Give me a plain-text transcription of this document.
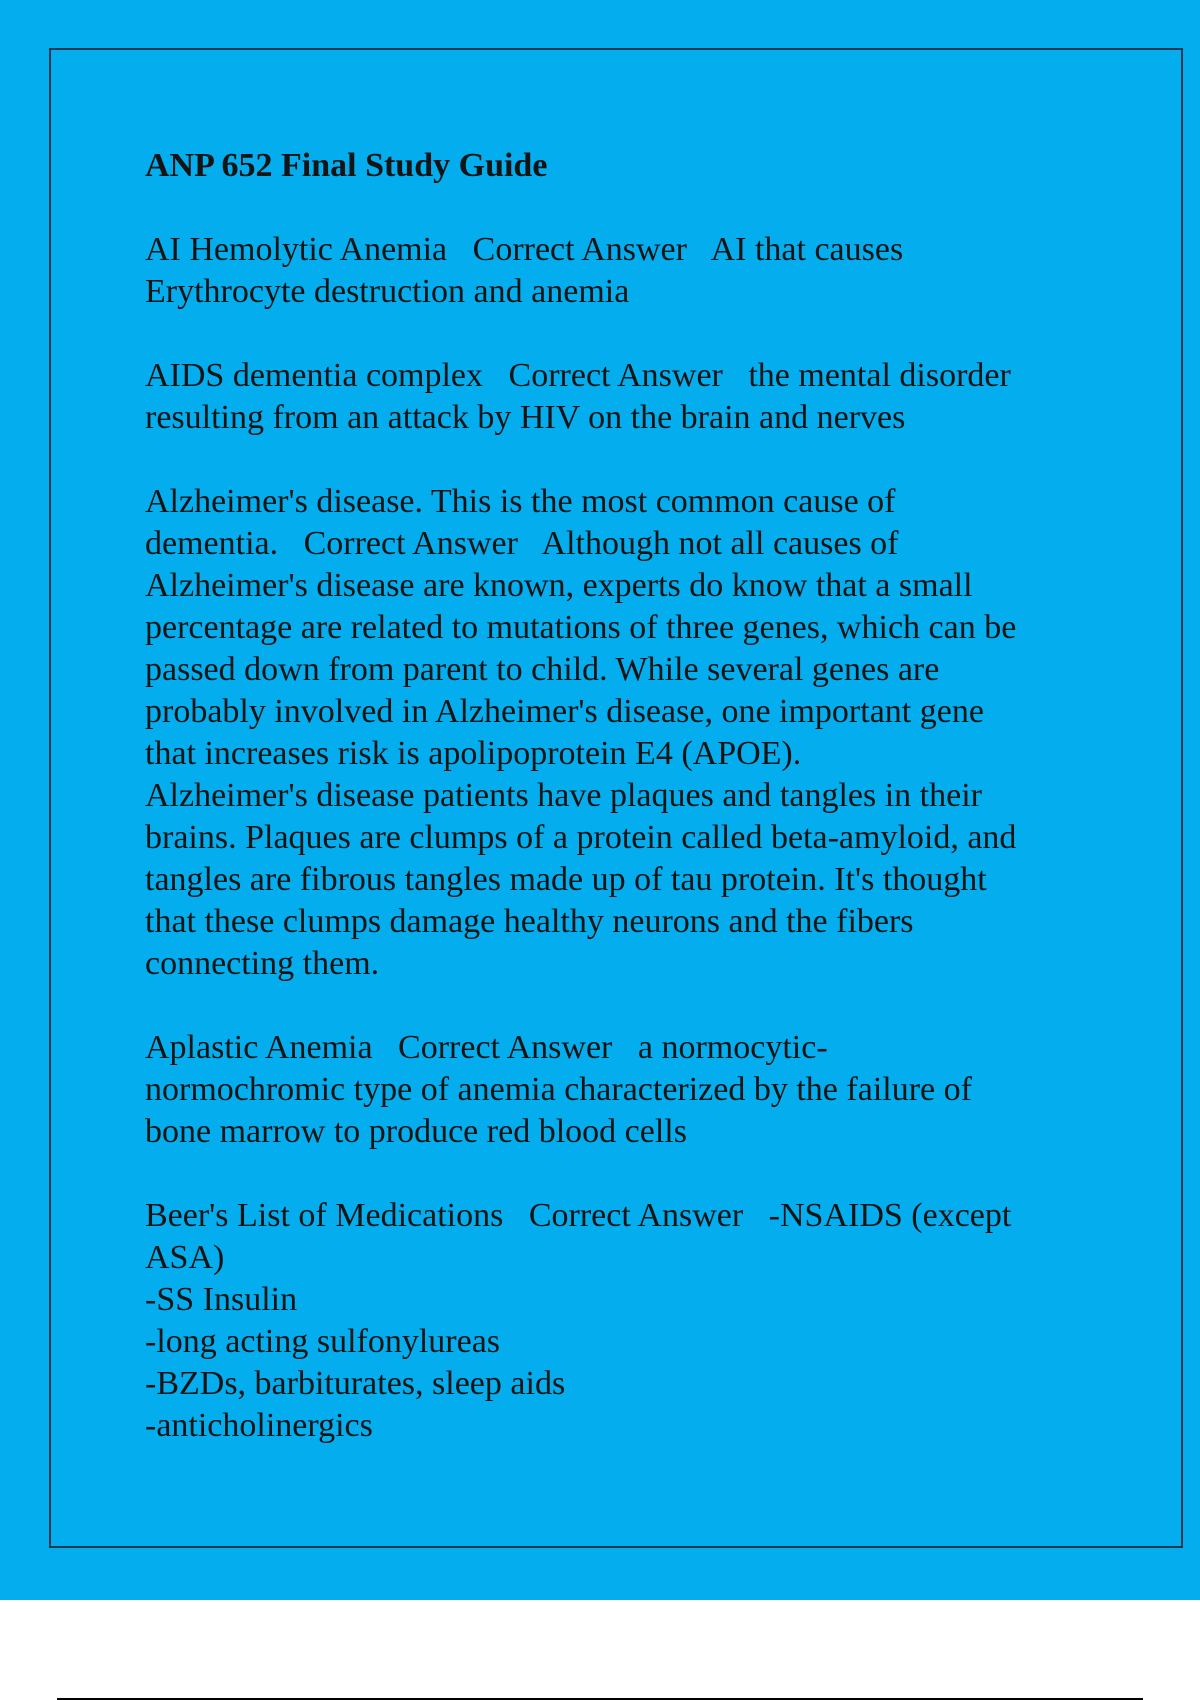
ANP 652 Final Study Guide

AI Hemolytic Anemia   Correct Answer   AI that causes
Erythrocyte destruction and anemia

AIDS dementia complex   Correct Answer   the mental disorder
resulting from an attack by HIV on the brain and nerves

Alzheimer's disease. This is the most common cause of
dementia.   Correct Answer   Although not all causes of
Alzheimer's disease are known, experts do know that a small
percentage are related to mutations of three genes, which can be
passed down from parent to child. While several genes are
probably involved in Alzheimer's disease, one important gene
that increases risk is apolipoprotein E4 (APOE).
Alzheimer's disease patients have plaques and tangles in their
brains. Plaques are clumps of a protein called beta-amyloid, and
tangles are fibrous tangles made up of tau protein. It's thought
that these clumps damage healthy neurons and the fibers
connecting them.

Aplastic Anemia   Correct Answer   a normocytic-
normochromic type of anemia characterized by the failure of
bone marrow to produce red blood cells

Beer's List of Medications   Correct Answer   -NSAIDS (except
ASA)
-SS Insulin
-long acting sulfonylureas
-BZDs, barbiturates, sleep aids
-anticholinergics
